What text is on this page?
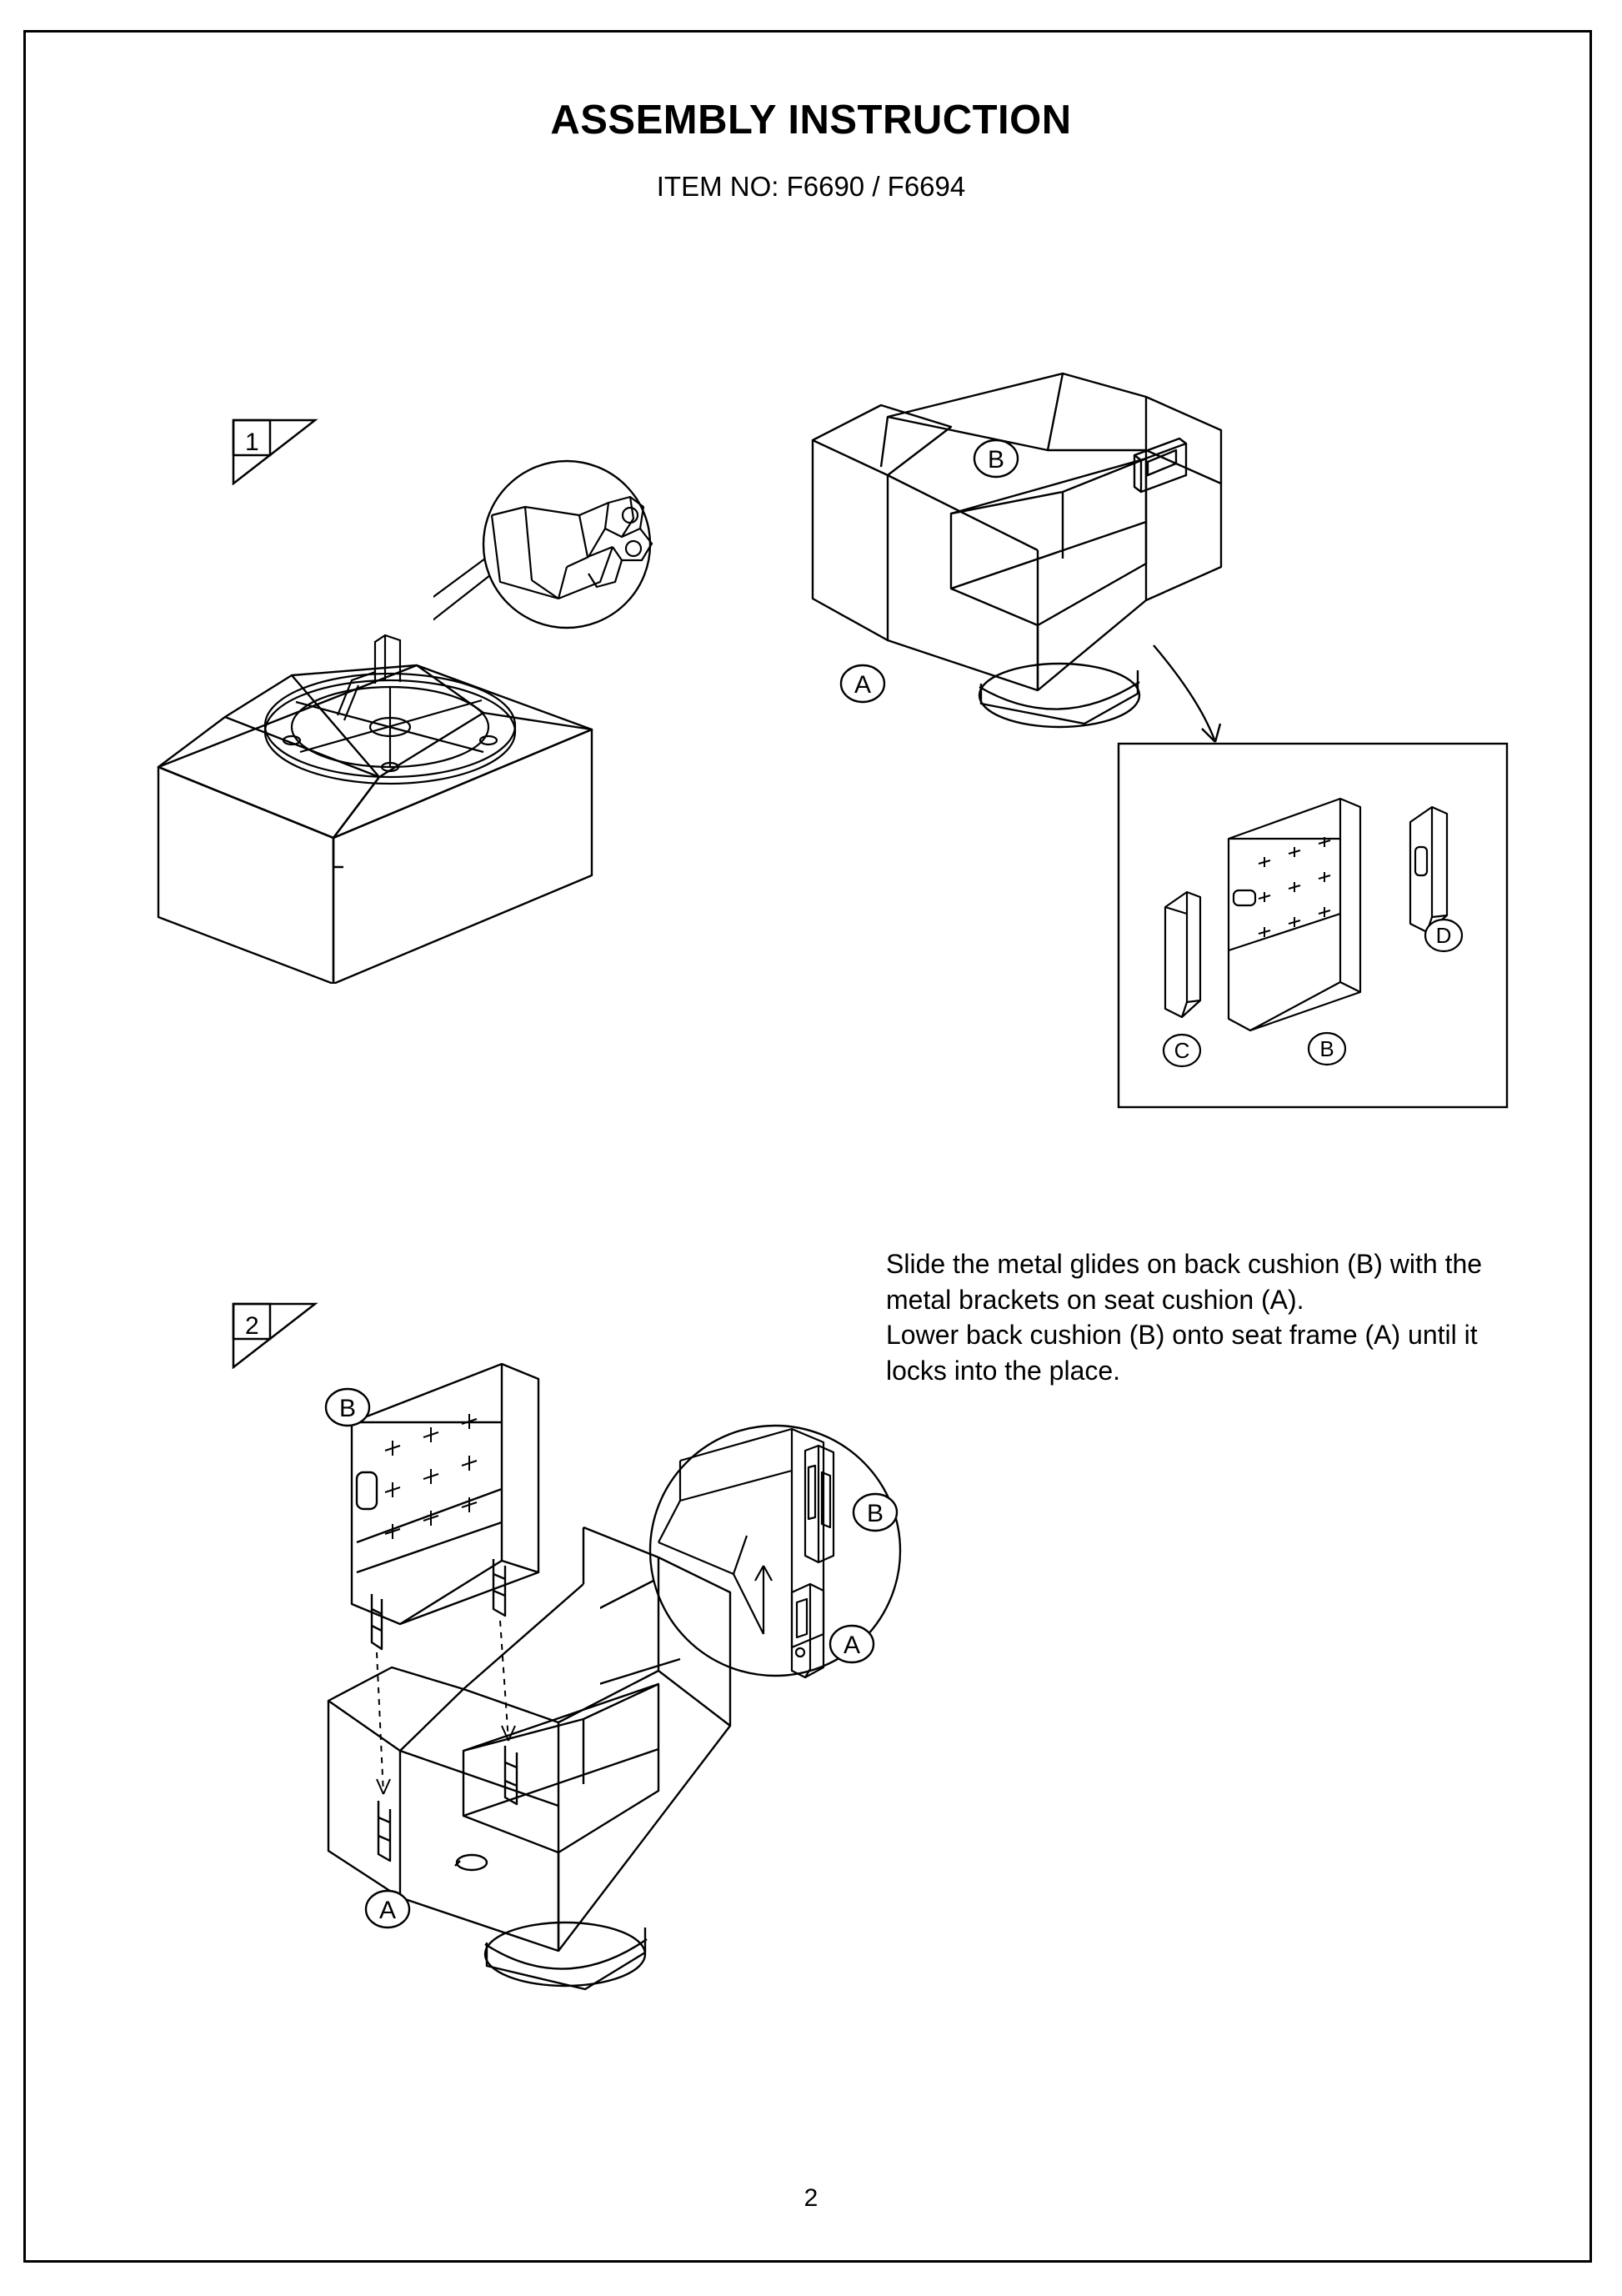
ASSEMBLY INSTRUCTION
ITEM NO: F6690 / F6694
1
B
A
C	B
D
2

Slide the metal glides on back cushion (B) with the metal brackets on seat cushion (A).

Lower back cushion (B) onto seat frame (A) until it locks into the place.

B
A
B
A
2
